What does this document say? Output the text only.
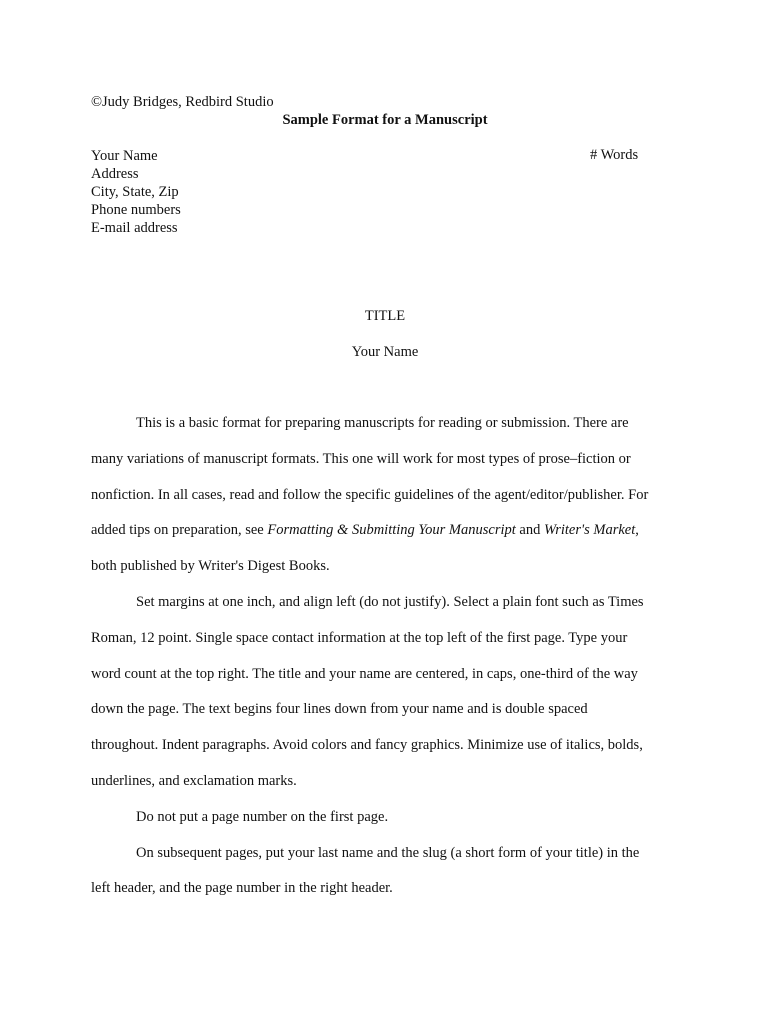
©Judy Bridges, Redbird Studio
Sample Format for a Manuscript
Your Name
Address
City, State, Zip
Phone numbers
E-mail address
# Words
TITLE
Your Name
This is a basic format for preparing manuscripts for reading or submission. There are
many variations of manuscript formats. This one will work for most types of prose–fiction or
nonfiction. In all cases, read and follow the specific guidelines of the agent/editor/publisher. For
added tips on preparation, see Formatting & Submitting Your Manuscript and Writer's Market,
both published by Writer's Digest Books.
Set margins at one inch, and align left (do not justify). Select a plain font such as Times
Roman, 12 point. Single space contact information at the top left of the first page. Type your
word count at the top right. The title and your name are centered, in caps, one-third of the way
down the page. The text begins four lines down from your name and is double spaced
throughout. Indent paragraphs. Avoid colors and fancy graphics. Minimize use of italics, bolds,
underlines, and exclamation marks.
Do not put a page number on the first page.
On subsequent pages, put your last name and the slug (a short form of your title) in the
left header, and the page number in the right header.
